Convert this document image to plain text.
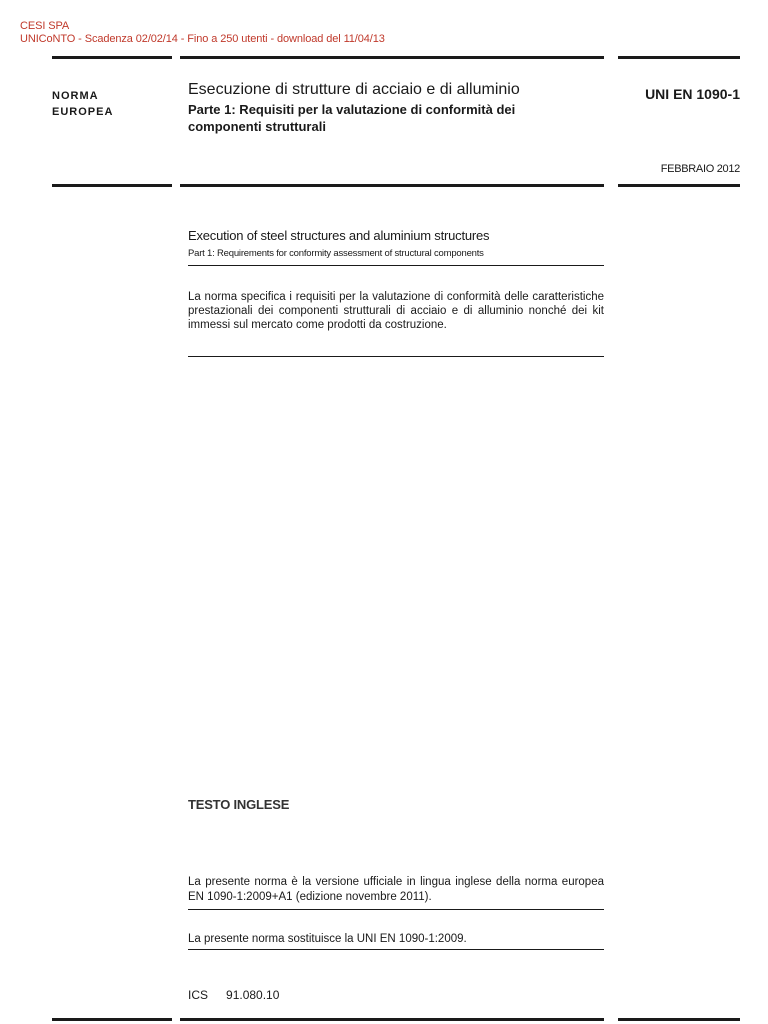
CESI SPA
UNICoNTO - Scadenza 02/02/14 - Fino a 250 utenti - download del 11/04/13
NORMA
EUROPEA
Esecuzione di strutture di acciaio e di alluminio
Parte 1: Requisiti per la valutazione di conformità dei componenti strutturali
UNI EN 1090-1
FEBBRAIO 2012
Execution of steel structures and aluminium structures
Part 1: Requirements for conformity assessment of structural components
La norma specifica i requisiti per la valutazione di conformità delle caratteristiche prestazionali dei componenti strutturali di acciaio e di alluminio nonché dei kit immessi sul mercato come prodotti da costruzione.
TESTO INGLESE
La presente norma è la versione ufficiale in lingua inglese della norma europea EN 1090-1:2009+A1 (edizione novembre 2011).
La presente norma sostituisce la UNI EN 1090-1:2009.
ICS 91.080.10
